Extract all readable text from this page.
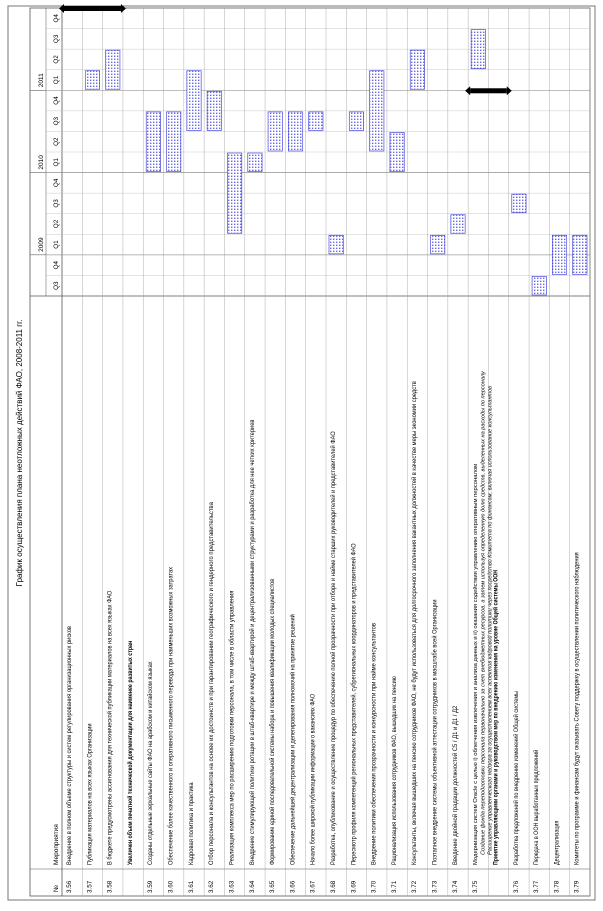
График осуществления плана неотложных действий ФАО, 2008-2011 гг.
№
Мероприятия
Q3
Q4
2009 Q1
Q2
Q3
Q4
2010 Q1
Q2
Q3
Q4
2011 Q1
Q2
Q3
Q4
3.56
Внедрение в полном объеме структуры и систем регулирования организационных рисков
3.57
Публикация материалов на всех языках Организации
3.58
В бюджете предусмотрены ассигнования для технической публикации материалов на всех языках ФАО Увеличен объем печатной технической документации для наименее развитых стран
3.59
Созданы отдельные зеркальные сайты ФАО на арабском и китайском языках
3.60
Обеспечение более качественного и оперативного письменного перевода при наименьших возможных затратах
3.61
Кадровая политика и практика
3.62
Отбор персонала и консультантов на основе их достоинств и при гарантировании географического и гендерного представительства
3.63
Реализация комплекса мер по расширению подготовки персонала, в том числе в области управления
3.64
Внедрение стимулирующей политики ротации в штаб-квартире и между штаб-квартирой и децентрализованными структурами и разработка для нее четких критериев
3.65
Формирование единой последовательной системы набора и повышения квалификации молодых специалистов
3.66
Обеспечение дальнейшей децентрализации и делегирования полномочий на принятие решений
3.67
Начало более широкой публикации информации о вакансиях ФАО
3.68
Разработка, опубликование и осуществление процедур по обеспечению полной прозрачности при отборе и найме старших руководителей и представителей ФАО
3.69
Пересмотр профиля компетенций региональных представителей, субрегиональных координаторов и представителей ФАО
3.70
Внедрение политики обеспечения прозрачности и конкурсности при найме консультантов
3.71
Рационализация использования сотрудников ФАО, вышедших на пенсию
3.72
Консультанты, включая вышедших на пенсию сотрудников ФАО, не будут использоваться для долгосрочного заполнения вакантных должностей в качестве меры экономии средств
3.73
Поэтапное внедрение системы объективной аттестации сотрудников в масштабе всей Организации
3.74
Введение двойной градации должностей С5 / Д1 и Д1 / Д2
3.75
Модернизация систем Oracle с целью i) облегчения извлечения и анализа данных и ii) оказания содействия управлению оперативным персоналом Создание фонда переподготовки персонала первоначально за счет внебюджетных ресурсов, а затем используя определенную долю средств, выделенных на расходы по персоналу Расширение управленческого надзора за осуществлением всех аспектов кадровой политики через посредство Комитета по финансам, включая использование консультантов
Принятие управляющими органами и руководством мер по внедрению изменения на уровне Общей системы ООН
3.76
Разработка предложений по внедрению изменений Общей системы
3.77
Передача в ООН выработанных предложений
3.78
Децентрализация
3.79
Комитеты по программе и финансам будут оказывать Совету поддержку в осуществлении политического наблюдения
